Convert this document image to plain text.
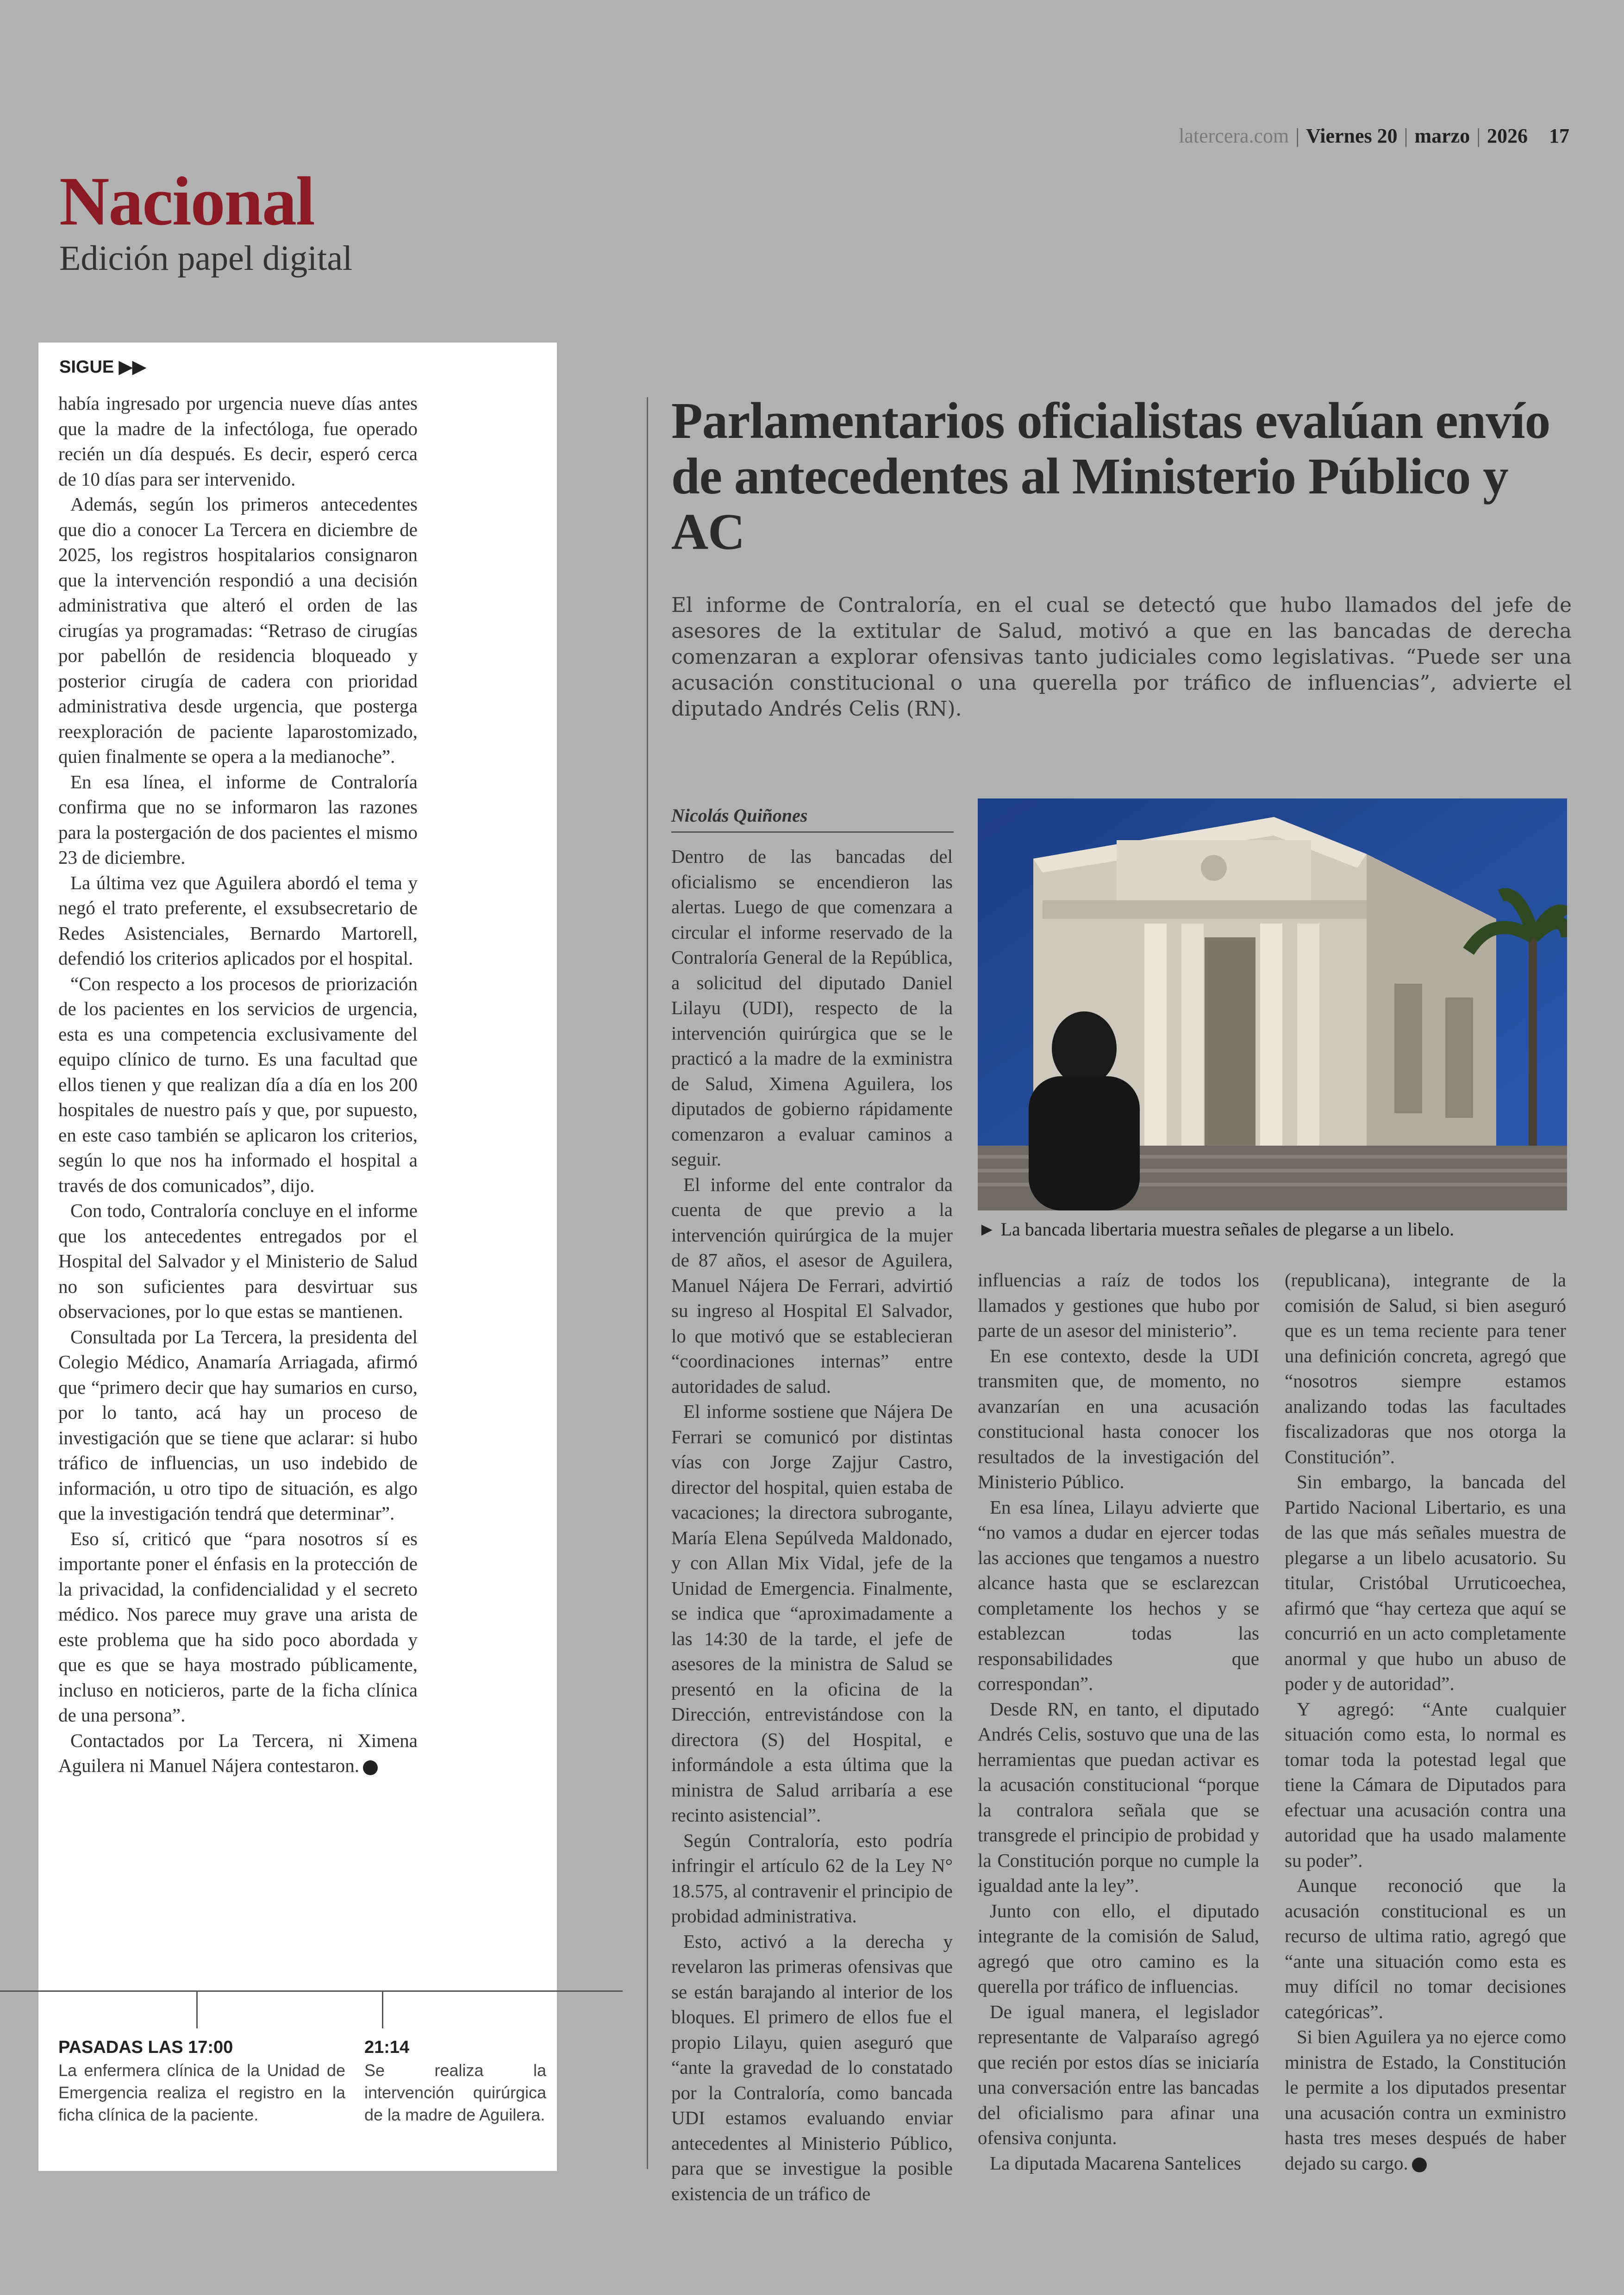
latercera.com | Viernes 20 | marzo | 2026 17
Nacional
Edición papel digital
SIGUE ▶▶

había ingresado por urgencia nueve días antes que la madre de la infectóloga, fue operado recién un día después. Es decir, esperó cerca de 10 días para ser intervenido.

Además, según los primeros antecedentes que dio a conocer La Tercera en diciembre de 2025, los registros hospitalarios consignaron que la intervención respondió a una decisión administrativa que alteró el orden de las cirugías ya programadas: “Retraso de cirugías por pabellón de residencia bloqueado y posterior cirugía de cadera con prioridad administrativa desde urgencia, que posterga reexploración de paciente laparostomizado, quien finalmente se opera a la medianoche”.

En esa línea, el informe de Contraloría confirma que no se informaron las razones para la postergación de dos pacientes el mismo 23 de diciembre.

La última vez que Aguilera abordó el tema y negó el trato preferente, el exsubsecretario de Redes Asistenciales, Bernardo Martorell, defendió los criterios aplicados por el hospital.

“Con respecto a los procesos de priorización de los pacientes en los servicios de urgencia, esta es una competencia exclusivamente del equipo clínico de turno. Es una facultad que ellos tienen y que realizan día a día en los 200 hospitales de nuestro país y que, por supuesto, en este caso también se aplicaron los criterios, según lo que nos ha informado el hospital a través de dos comunicados”, dijo.

Con todo, Contraloría concluye en el informe que los antecedentes entregados por el Hospital del Salvador y el Ministerio de Salud no son suficientes para desvirtuar sus observaciones, por lo que estas se mantienen.

Consultada por La Tercera, la presidenta del Colegio Médico, Anamaría Arriagada, afirmó que “primero decir que hay sumarios en curso, por lo tanto, acá hay un proceso de investigación que se tiene que aclarar: si hubo tráfico de influencias, un uso indebido de información, u otro tipo de situación, es algo que la investigación tendrá que determinar”.

Eso sí, criticó que “para nosotros sí es importante poner el énfasis en la protección de la privacidad, la confidencialidad y el secreto médico. Nos parece muy grave una arista de este problema que ha sido poco abordada y que es que se haya mostrado públicamente, incluso en noticieros, parte de la ficha clínica de una persona”.

Contactados por La Tercera, ni Ximena Aguilera ni Manuel Nájera contestaron.

PASADAS LAS 17:00
La enfermera clínica de la Unidad de Emergencia realiza el registro en la ficha clínica de la paciente.
21:14
Se realiza la intervención quirúrgica de la madre de Aguilera.
Parlamentarios oficialistas evalúan envío de antecedentes al Ministerio Público y AC
El informe de Contraloría, en el cual se detectó que hubo llamados del jefe de asesores de la extitular de Salud, motivó a que en las bancadas de derecha comenzaran a explorar ofensivas tanto judiciales como legislativas. “Puede ser una acusación constitucional o una querella por tráfico de influencias”, advierte el diputado Andrés Celis (RN).
Nicolás Quiñones

Dentro de las bancadas del oficialismo se encendieron las alertas. Luego de que comenzara a circular el informe reservado de la Contraloría General de la República, a solicitud del diputado Daniel Lilayu (UDI), respecto de la intervención quirúrgica que se le practicó a la madre de la exministra de Salud, Ximena Aguilera, los diputados de gobierno rápidamente comenzaron a evaluar caminos a seguir.

El informe del ente contralor da cuenta de que previo a la intervención quirúrgica de la mujer de 87 años, el asesor de Aguilera, Manuel Nájera De Ferrari, advirtió su ingreso al Hospital El Salvador, lo que motivó que se establecieran “coordinaciones internas” entre autoridades de salud.

El informe sostiene que Nájera De Ferrari se comunicó por distintas vías con Jorge Zajjur Castro, director del hospital, quien estaba de vacaciones; la directora subrogante, María Elena Sepúlveda Maldonado, y con Allan Mix Vidal, jefe de la Unidad de Emergencia. Finalmente, se indica que “aproximadamente a las 14:30 de la tarde, el jefe de asesores de la ministra de Salud se presentó en la oficina de la Dirección, entrevistándose con la directora (S) del Hospital, e informándole a esta última que la ministra de Salud arribaría a ese recinto asistencial”.

Según Contraloría, esto podría infringir el artículo 62 de la Ley N° 18.575, al contravenir el principio de probidad administrativa.

Esto, activó a la derecha y revelaron las primeras ofensivas que se están barajando al interior de los bloques. El primero de ellos fue el propio Lilayu, quien aseguró que “ante la gravedad de lo constatado por la Contraloría, como bancada UDI estamos evaluando enviar antecedentes al Ministerio Público, para que se investigue la posible existencia de un tráfico de

► La bancada libertaria muestra señales de plegarse a un libelo.

influencias a raíz de todos los llamados y gestiones que hubo por parte de un asesor del ministerio”.

En ese contexto, desde la UDI transmiten que, de momento, no avanzarían en una acusación constitucional hasta conocer los resultados de la investigación del Ministerio Público.

En esa línea, Lilayu advierte que “no vamos a dudar en ejercer todas las acciones que tengamos a nuestro alcance hasta que se esclarezcan completamente los hechos y se establezcan todas las responsabilidades que correspondan”.

Desde RN, en tanto, el diputado Andrés Celis, sostuvo que una de las herramientas que puedan activar es la acusación constitucional “porque la contralora señala que se transgrede el principio de probidad y la Constitución porque no cumple la igualdad ante la ley”.

Junto con ello, el diputado integrante de la comisión de Salud, agregó que otro camino es la querella por tráfico de influencias.

De igual manera, el legislador representante de Valparaíso agregó que recién por estos días se iniciaría una conversación entre las bancadas del oficialismo para afinar una ofensiva conjunta.

La diputada Macarena Santelices

(republicana), integrante de la comisión de Salud, si bien aseguró que es un tema reciente para tener una definición concreta, agregó que “nosotros siempre estamos analizando todas las facultades fiscalizadoras que nos otorga la Constitución”.

Sin embargo, la bancada del Partido Nacional Libertario, es una de las que más señales muestra de plegarse a un libelo acusatorio. Su titular, Cristóbal Urruticoechea, afirmó que “hay certeza que aquí se concurrió en un acto completamente anormal y que hubo un abuso de poder y de autoridad”.

Y agregó: “Ante cualquier situación como esta, lo normal es tomar toda la potestad legal que tiene la Cámara de Diputados para efectuar una acusación contra una autoridad que ha usado malamente su poder”.

Aunque reconoció que la acusación constitucional es un recurso de ultima ratio, agregó que “ante una situación como esta es muy difícil no tomar decisiones categóricas”.

Si bien Aguilera ya no ejerce como ministra de Estado, la Constitución le permite a los diputados presentar una acusación contra un exministro hasta tres meses después de haber dejado su cargo.
